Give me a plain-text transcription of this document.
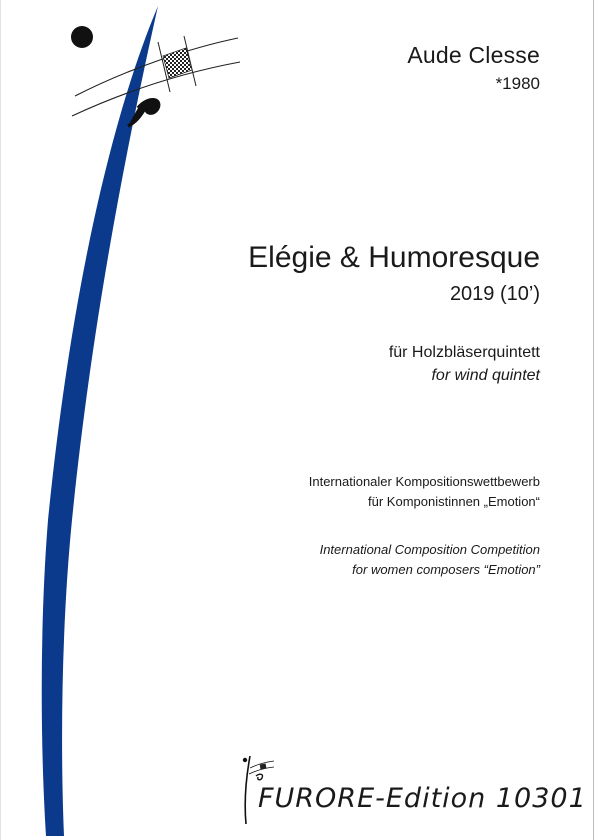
Aude Clesse
*1980
Elégie & Humoresque
2019 (10’)
für Holzbläserquintett
for wind quintet
Internationaler Kompositionswettbewerb
für Komponistinnen „Emotion“
International Composition Competition
for women composers “Emotion”
FURORE-Edition 10301
